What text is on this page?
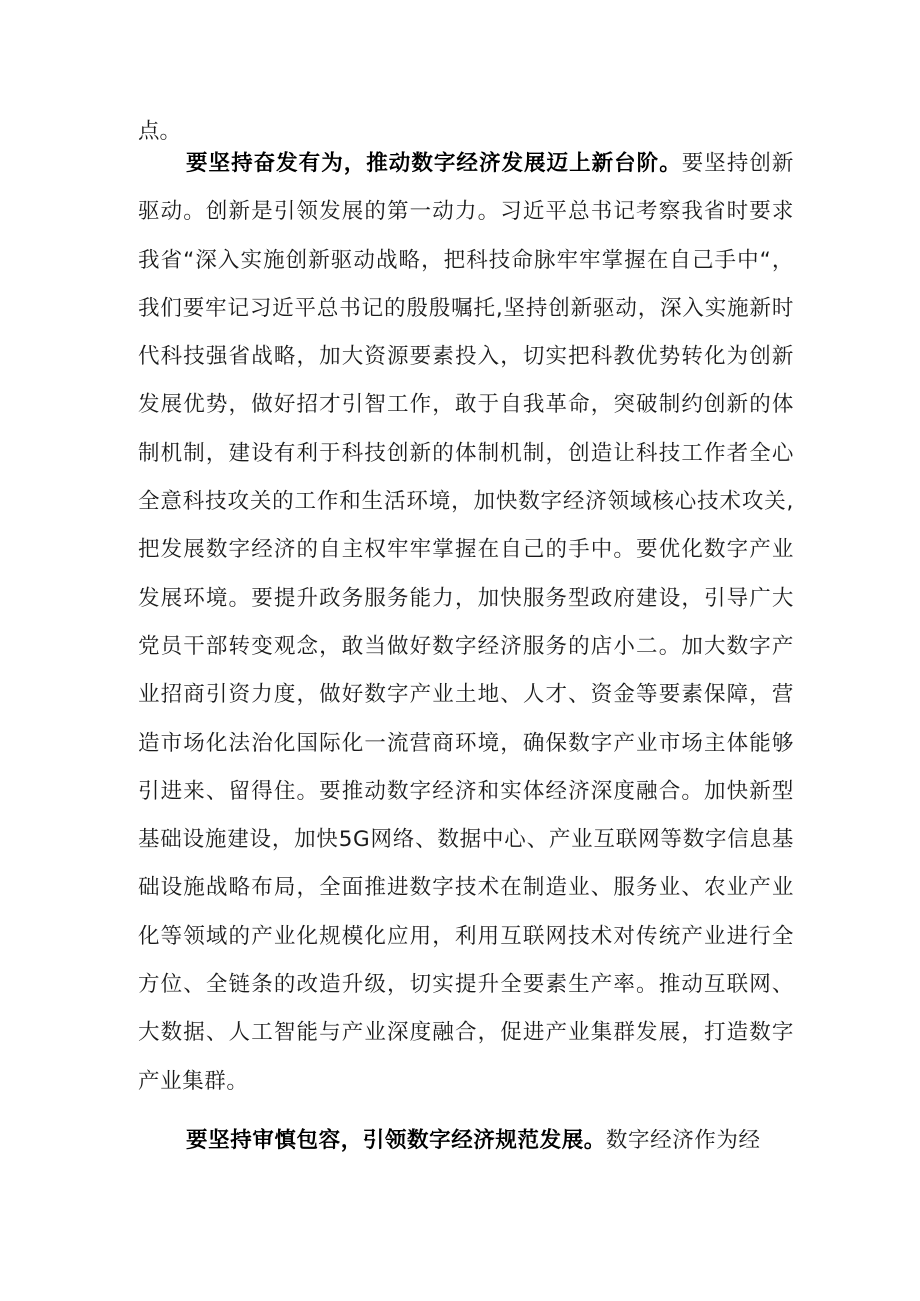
点。

要坚持奋发有为，推动数字经济发展迈上新台阶。要坚持创新驱动。创新是引领发展的第一动力。习近平总书记考察我省时要求我省“深入实施创新驱动战略，把科技命脉牢牢掌握在自己手中“，我们要牢记习近平总书记的殷殷嘱托,坚持创新驱动，深入实施新时代科技强省战略，加大资源要素投入，切实把科教优势转化为创新发展优势，做好招才引智工作，敢于自我革命，突破制约创新的体制机制，建设有利于科技创新的体制机制，创造让科技工作者全心全意科技攻关的工作和生活环境，加快数字经济领域核心技术攻关,把发展数字经济的自主权牢牢掌握在自己的手中。要优化数字产业发展环境。要提升政务服务能力，加快服务型政府建设，引导广大党员干部转变观念，敢当做好数字经济服务的店小二。加大数字产业招商引资力度，做好数字产业土地、人才、资金等要素保障，营造市场化法治化国际化一流营商环境，确保数字产业市场主体能够引进来、留得住。要推动数字经济和实体经济深度融合。加快新型基础设施建设，加快5G网络、数据中心、产业互联网等数字信息基础设施战略布局，全面推进数字技术在制造业、服务业、农业产业化等领域的产业化规模化应用，利用互联网技术对传统产业进行全方位、全链条的改造升级，切实提升全要素生产率。推动互联网、大数据、人工智能与产业深度融合，促进产业集群发展，打造数字产业集群。

要坚持审慎包容，引领数字经济规范发展。数字经济作为经
